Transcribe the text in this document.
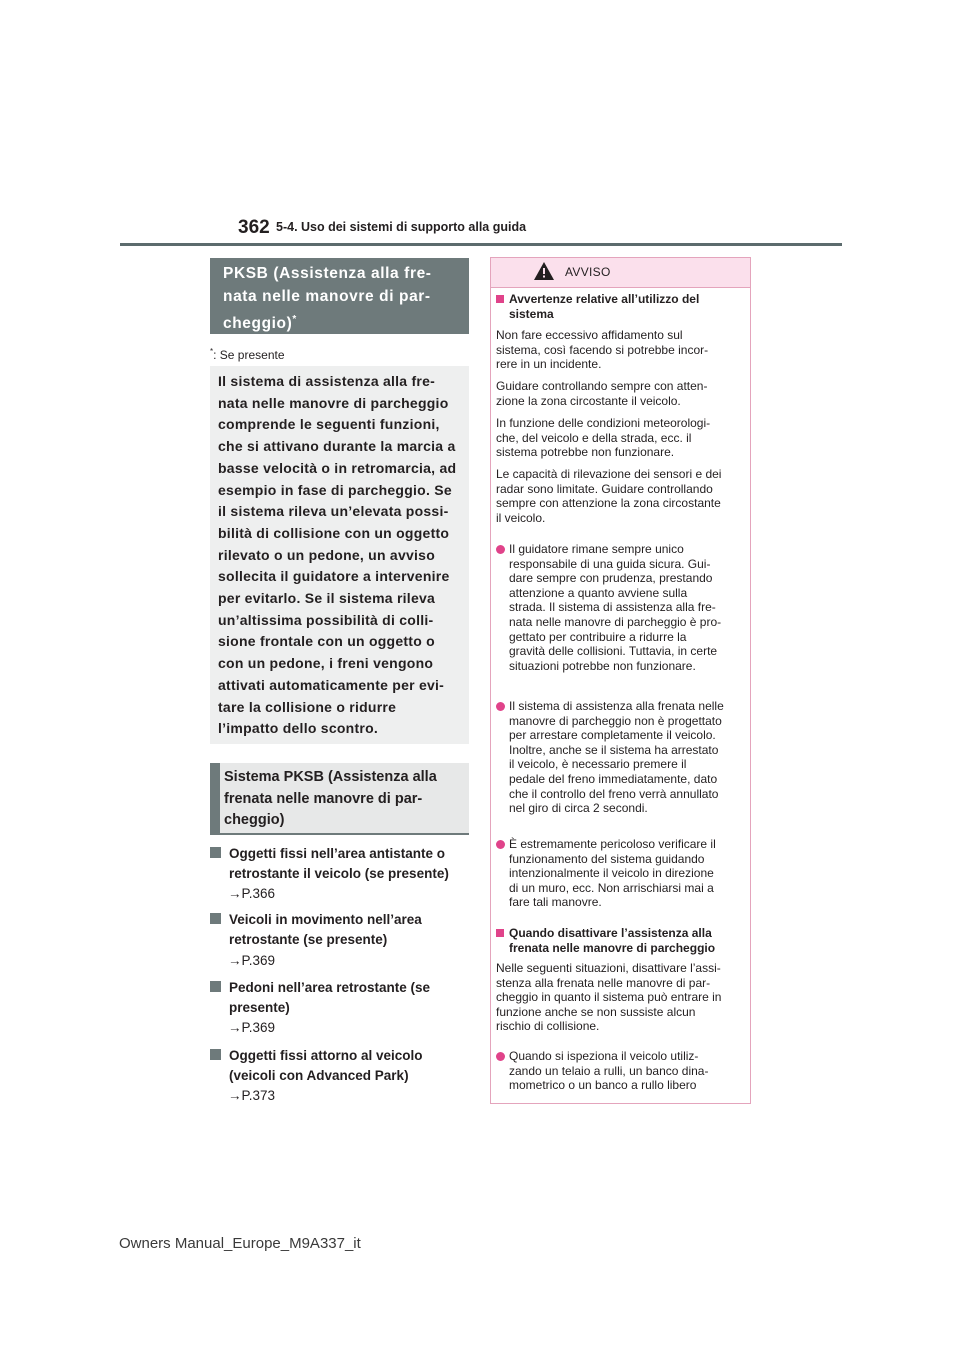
362 5-4. Uso dei sistemi di supporto alla guida
PKSB (Assistenza alla fre-
nata nelle manovre di par-
cheggio)*
*: Se presente
Il sistema di assistenza alla fre-
nata nelle manovre di parcheggio
comprende le seguenti funzioni,
che si attivano durante la marcia a
basse velocità o in retromarcia, ad
esempio in fase di parcheggio. Se
il sistema rileva un’elevata possi-
bilità di collisione con un oggetto
rilevato o un pedone, un avviso
sollecita il guidatore a intervenire
per evitarlo. Se il sistema rileva
un’altissima possibilità di colli-
sione frontale con un oggetto o
con un pedone, i freni vengono
attivati automaticamente per evi-
tare la collisione o ridurre
l’impatto dello scontro.
Sistema PKSB (Assistenza alla
frenata nelle manovre di par-
cheggio)
Oggetti fissi nell’area antistante o
retrostante il veicolo (se presente)
→P.366
Veicoli in movimento nell’area
retrostante (se presente)
→P.369
Pedoni nell’area retrostante (se
presente)
→P.369
Oggetti fissi attorno al veicolo
(veicoli con Advanced Park)
→P.373
AVVISO
Avvertenze relative all’utilizzo del
sistema
Non fare eccessivo affidamento sul
sistema, così facendo si potrebbe incor-
rere in un incidente.
Guidare controllando sempre con atten-
zione la zona circostante il veicolo.
In funzione delle condizioni meteorologi-
che, del veicolo e della strada, ecc. il
sistema potrebbe non funzionare.
Le capacità di rilevazione dei sensori e dei
radar sono limitate. Guidare controllando
sempre con attenzione la zona circostante
il veicolo.
Il guidatore rimane sempre unico
responsabile di una guida sicura. Gui-
dare sempre con prudenza, prestando
attenzione a quanto avviene sulla
strada. Il sistema di assistenza alla fre-
nata nelle manovre di parcheggio è pro-
gettato per contribuire a ridurre la
gravità delle collisioni. Tuttavia, in certe
situazioni potrebbe non funzionare.
Il sistema di assistenza alla frenata nelle
manovre di parcheggio non è progettato
per arrestare completamente il veicolo.
Inoltre, anche se il sistema ha arrestato
il veicolo, è necessario premere il
pedale del freno immediatamente, dato
che il controllo del freno verrà annullato
nel giro di circa 2 secondi.
È estremamente pericoloso verificare il
funzionamento del sistema guidando
intenzionalmente il veicolo in direzione
di un muro, ecc. Non arrischiarsi mai a
fare tali manovre.
Quando disattivare l’assistenza alla
frenata nelle manovre di parcheggio
Nelle seguenti situazioni, disattivare l’assi-
stenza alla frenata nelle manovre di par-
cheggio in quanto il sistema può entrare in
funzione anche se non sussiste alcun
rischio di collisione.
Quando si ispeziona il veicolo utiliz-
zando un telaio a rulli, un banco dina-
mometrico o un banco a rullo libero
Owners Manual_Europe_M9A337_it
